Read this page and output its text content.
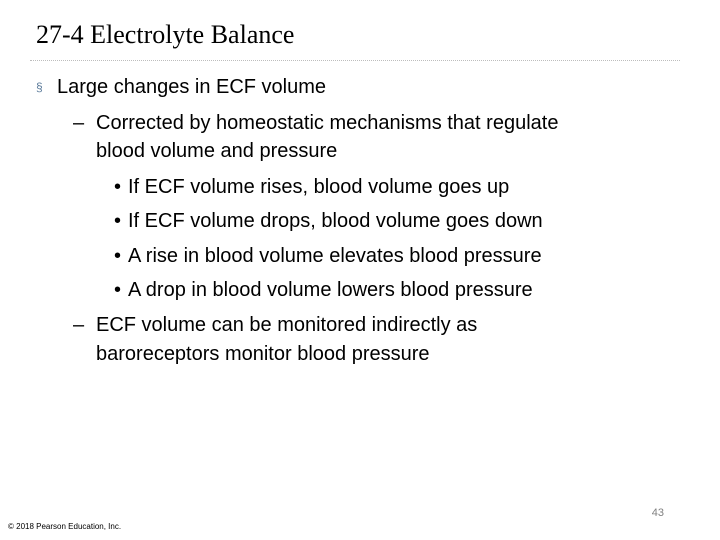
27-4 Electrolyte Balance
§ Large changes in ECF volume
– Corrected by homeostatic mechanisms that regulate
blood volume and pressure
• If ECF volume rises, blood volume goes up
• If ECF volume drops, blood volume goes down
• A rise in blood volume elevates blood pressure
• A drop in blood volume lowers blood pressure
– ECF volume can be monitored indirectly as
baroreceptors monitor blood pressure
43
© 2018 Pearson Education, Inc.
